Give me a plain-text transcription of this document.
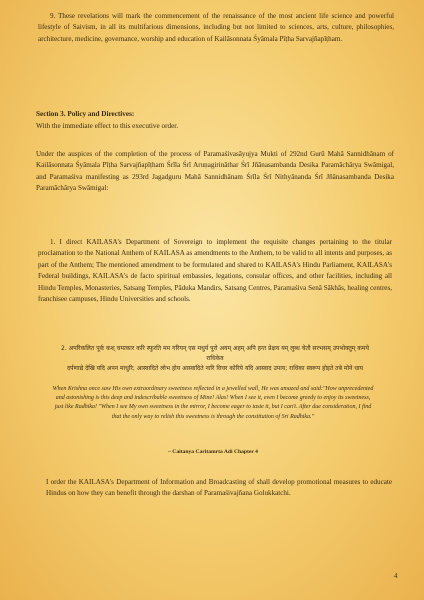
9. These revelations will mark the commencement of the renaissance of the most ancient life science and powerful lifestyle of Saivism, in all its multifarious dimensions, including but not limited to sciences, arts, culture, philosophies, architecture, medicine, governance, worship and education of Kailāsonnata Śyāmala Pīṭha Sarvajñapīṭham.
Section 3. Policy and Directives:
With the immediate effect to this executive order.
Under the auspices of the completion of the process of Paramaśivasāyujya Mukti of 292nd Gurū Mahā Sannidhānam of Kailāsonnata Śyāmala Pīṭha Sarvajñapīṭham Śrīla Śrī Aruṇagirināthar Śrī Jñānasambanda Desika Paramāchārya Swāmigal, and Paramaśiva manifesting as 293rd Jagadguru Mahā Sannidhānam Śrīla Śrī Nithyānanda Śrī Jñānasambanda Desika Paramāchārya Swāmigal:
1. I direct KAILASA's Department of Sovereign to implement the requisite changes pertaining to the titular proclamation to the National Anthem of KAILASA as amendments to the Anthem, to be valid to all intents and purposes, as part of the Anthem; The mentioned amendment to be formulated and shared to KAILASA's Hindu Parliament, KAILASA's Federal buildings, KAILASA's de facto spiritual embassies, legations, consular offices, and other facilities, including all Hindu Temples, Monasteries, Satsang Temples, Pāduka Mandirs, Satsang Centres, Paramaśiva Senā Sākhās, healing centres, franchisee campuses, Hindu Universities and schools.
2. अपरिकलित पूर्वः कश् चमत्कार करि स्फुरति मम गरियन् एस मधुर्य पूरो अयम् अहम् अपि हन्त प्रेक्षय यम् लुब्ध चेतौ सरभसम् उपभोक्तुम् कमये राधिकेव
दर्पणाद्ये देखि यदि अपन माधुरि; आस्वादिते लोभ होय आस्वादिते नारि विचर कोरिये यदि आस्वाद उपाय; राधिका स्वरूप होइते तबे मोने धाय
When Krishna once saw His own extraordinary sweetness reflected in a jewelled wall, He was amazed and said:"How unprecedented and astonishing is this deep and indescribable sweetness of Mine! Alas! When I see it, even I become greedy to enjoy its sweetness, just like Radhika! "When I see My own sweetness in the mirror, I become eager to taste it, but I can't. After due consideration, I find that the only way to relish this sweetness is through the constitution of Sri Radhika."
~ Caitanya Caritamrta Adi Chapter 4
I order the KAILASA's Department of Information and Broadcasting of shall develop promotional measures to educate Hindus on how they can benefit through the darshan of Paramaśivajñana Golukkatchi.
4
